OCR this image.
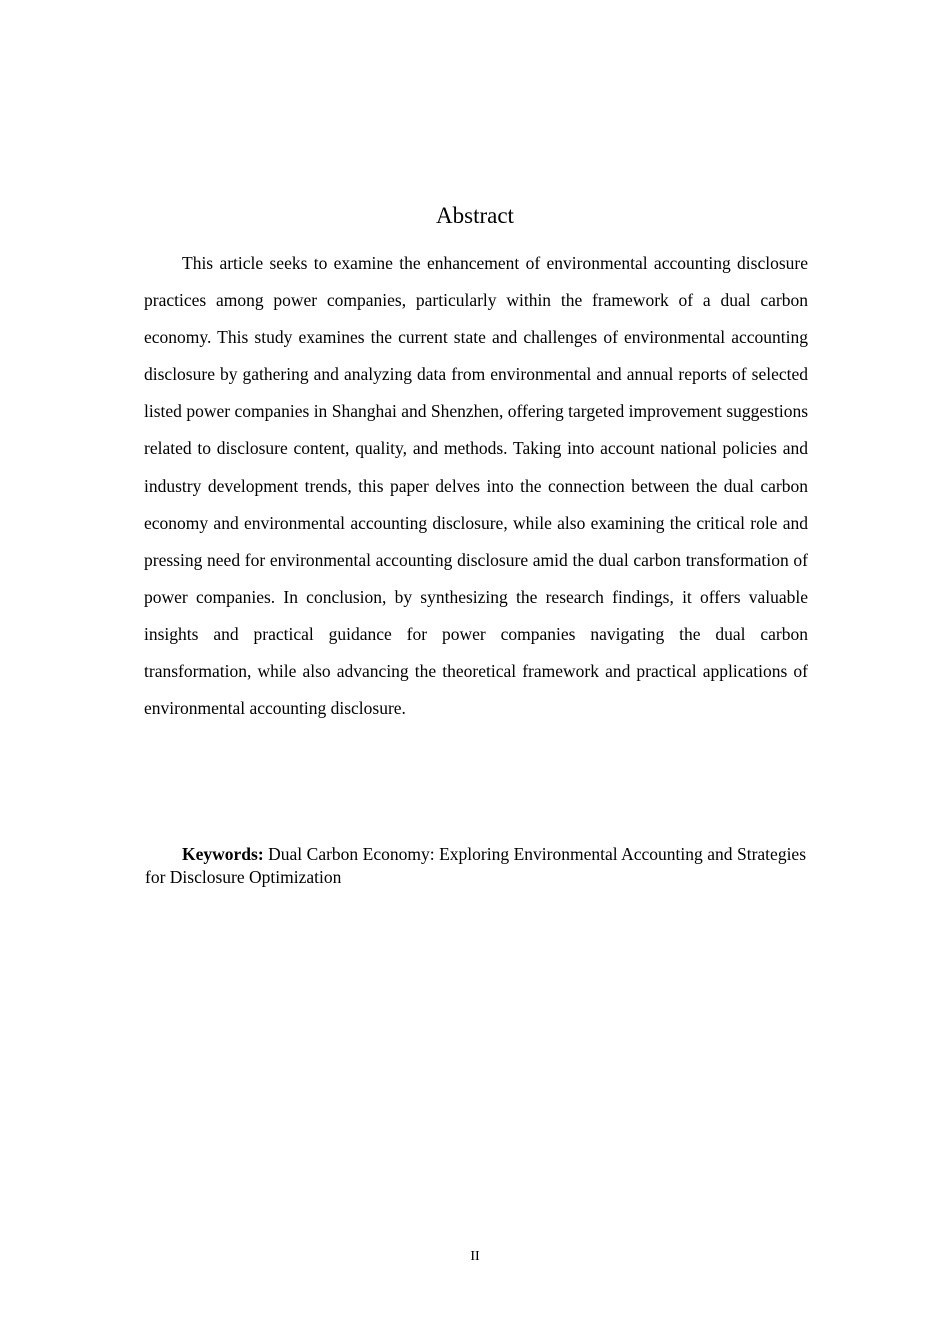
Abstract

This article seeks to examine the enhancement of environmental accounting disclosure practices among power companies, particularly within the framework of a dual carbon economy. This study examines the current state and challenges of environmental accounting disclosure by gathering and analyzing data from environmental and annual reports of selected listed power companies in Shanghai and Shenzhen, offering targeted improvement suggestions related to disclosure content, quality, and methods. Taking into account national policies and industry development trends, this paper delves into the connection between the dual carbon economy and environmental accounting disclosure, while also examining the critical role and pressing need for environmental accounting disclosure amid the dual carbon transformation of power companies. In conclusion, by synthesizing the research findings, it offers valuable insights and practical guidance for power companies navigating the dual carbon transformation, while also advancing the theoretical framework and practical applications of environmental accounting disclosure.

Keywords: Dual Carbon Economy: Exploring Environmental Accounting and Strategies for Disclosure Optimization

II
